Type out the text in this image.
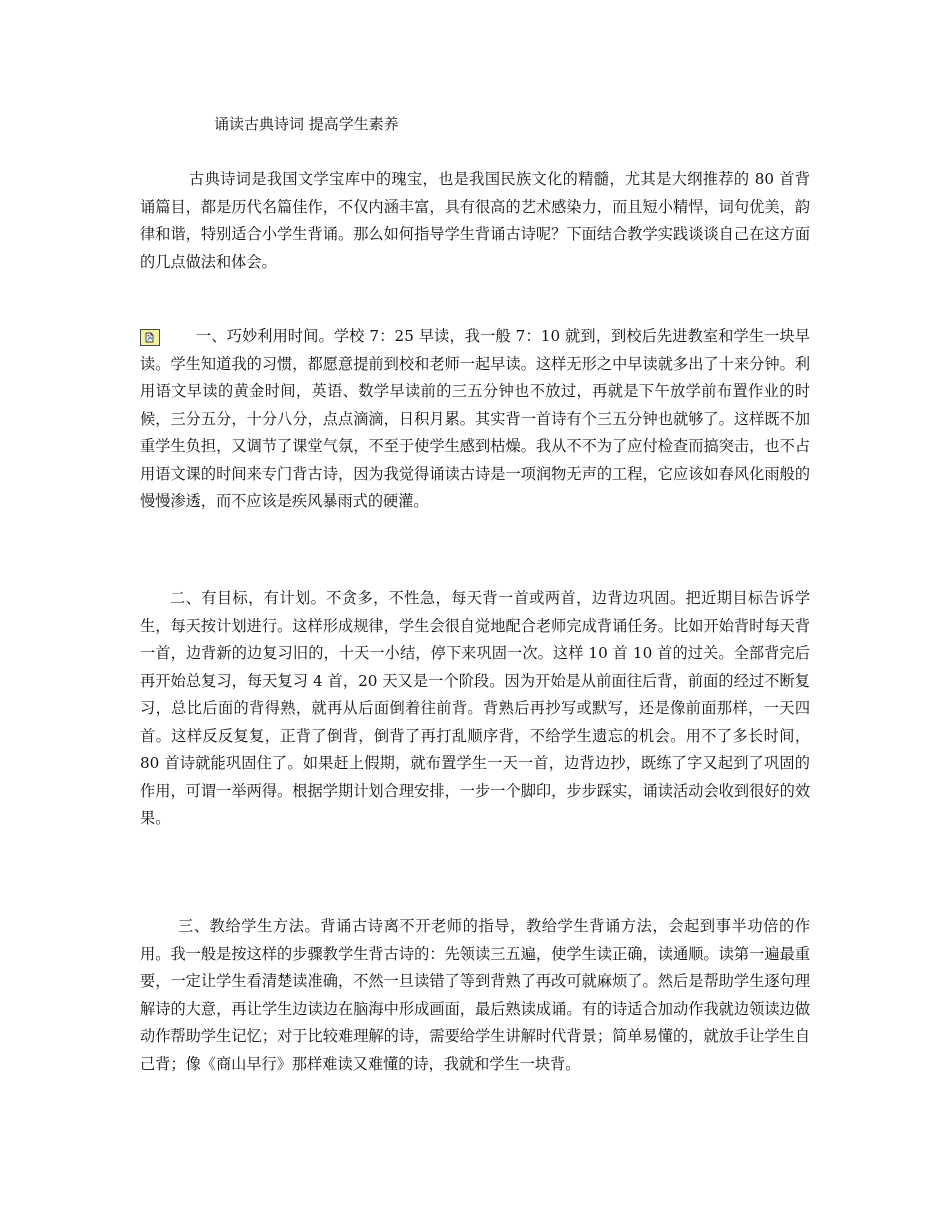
诵读古典诗词 提高学生素养

古典诗词是我国文学宝库中的瑰宝，也是我国民族文化的精髓，尤其是大纲推荐的 80 首背诵篇目，都是历代名篇佳作，不仅内涵丰富，具有很高的艺术感染力，而且短小精悍，词句优美，韵律和谐，特别适合小学生背诵。那么如何指导学生背诵古诗呢？下面结合教学实践谈谈自己在这方面的几点做法和体会。

一、巧妙利用时间。学校 7：25 早读，我一般 7：10 就到，到校后先进教室和学生一块早读。学生知道我的习惯，都愿意提前到校和老师一起早读。这样无形之中早读就多出了十来分钟。利用语文早读的黄金时间，英语、数学早读前的三五分钟也不放过，再就是下午放学前布置作业的时候，三分五分，十分八分，点点滴滴，日积月累。其实背一首诗有个三五分钟也就够了。这样既不加重学生负担，又调节了课堂气氛，不至于使学生感到枯燥。我从不不为了应付检查而搞突击，也不占用语文课的时间来专门背古诗，因为我觉得诵读古诗是一项润物无声的工程，它应该如春风化雨般的慢慢渗透，而不应该是疾风暴雨式的硬灌。

二、有目标，有计划。不贪多，不性急，每天背一首或两首，边背边巩固。把近期目标告诉学生，每天按计划进行。这样形成规律，学生会很自觉地配合老师完成背诵任务。比如开始背时每天背一首，边背新的边复习旧的，十天一小结，停下来巩固一次。这样 10 首 10 首的过关。全部背完后再开始总复习，每天复习 4 首，20 天又是一个阶段。因为开始是从前面往后背，前面的经过不断复习，总比后面的背得熟，就再从后面倒着往前背。背熟后再抄写或默写，还是像前面那样，一天四首。这样反反复复，正背了倒背，倒背了再打乱顺序背，不给学生遗忘的机会。用不了多长时间，80 首诗就能巩固住了。如果赶上假期，就布置学生一天一首，边背边抄，既练了字又起到了巩固的作用，可谓一举两得。根据学期计划合理安排，一步一个脚印，步步踩实，诵读活动会收到很好的效果。

三、教给学生方法。背诵古诗离不开老师的指导，教给学生背诵方法，会起到事半功倍的作用。我一般是按这样的步骤教学生背古诗的：先领读三五遍，使学生读正确，读通顺。读第一遍最重要，一定让学生看清楚读准确，不然一旦读错了等到背熟了再改可就麻烦了。然后是帮助学生逐句理解诗的大意，再让学生边读边在脑海中形成画面，最后熟读成诵。有的诗适合加动作我就边领读边做动作帮助学生记忆；对于比较难理解的诗，需要给学生讲解时代背景；简单易懂的，就放手让学生自己背；像《商山早行》那样难读又难懂的诗，我就和学生一块背。
